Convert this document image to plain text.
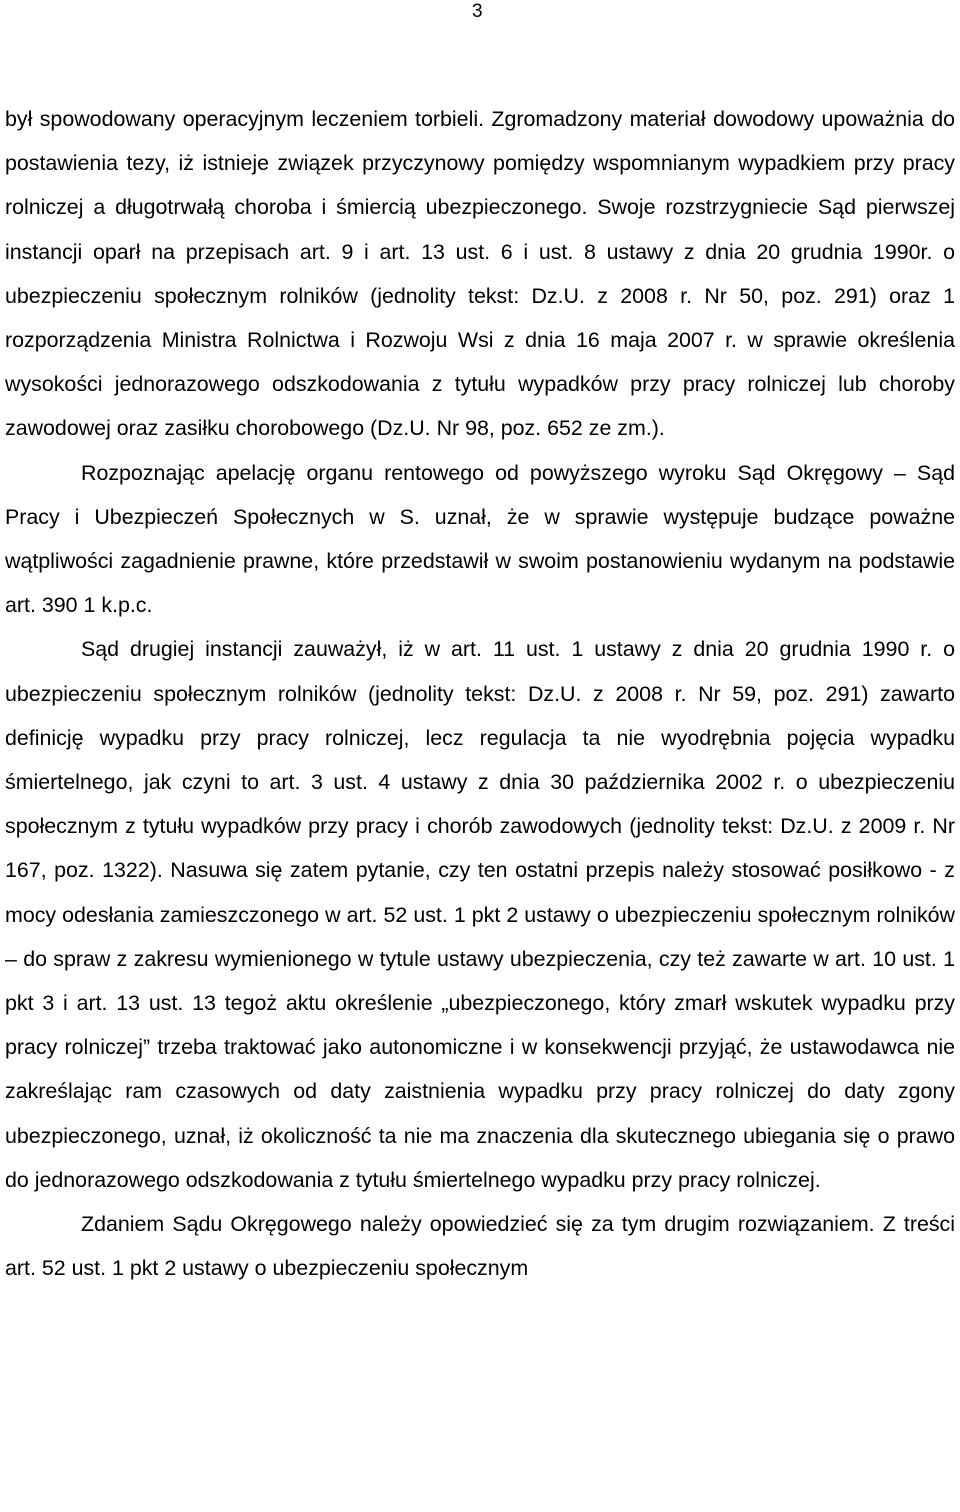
3

był spowodowany operacyjnym leczeniem torbieli. Zgromadzony materiał dowodowy upoważnia do postawienia tezy, iż istnieje związek przyczynowy pomiędzy wspomnianym wypadkiem przy pracy rolniczej a długotrwałą choroba i śmiercią ubezpieczonego. Swoje rozstrzygniecie Sąd pierwszej instancji oparł na przepisach art. 9 i art. 13 ust. 6 i ust. 8 ustawy z dnia 20 grudnia 1990r. o ubezpieczeniu społecznym rolników (jednolity tekst: Dz.U. z 2008 r. Nr 50, poz. 291) oraz 1 rozporządzenia Ministra Rolnictwa i Rozwoju Wsi z dnia 16 maja 2007 r. w sprawie określenia wysokości jednorazowego odszkodowania z tytułu wypadków przy pracy rolniczej lub choroby zawodowej oraz zasiłku chorobowego (Dz.U. Nr 98, poz. 652 ze zm.).

Rozpoznając apelację organu rentowego od powyższego wyroku Sąd Okręgowy – Sąd Pracy i Ubezpieczeń Społecznych w S. uznał, że w sprawie występuje budzące poważne wątpliwości zagadnienie prawne, które przedstawił w swoim postanowieniu wydanym na podstawie art. 390 1 k.p.c.

Sąd drugiej instancji zauważył, iż w art. 11 ust. 1 ustawy z dnia 20 grudnia 1990 r. o ubezpieczeniu społecznym rolników (jednolity tekst: Dz.U. z 2008 r. Nr 59, poz. 291) zawarto definicję wypadku przy pracy rolniczej, lecz regulacja ta nie wyodrębnia pojęcia wypadku śmiertelnego, jak czyni to art. 3 ust. 4 ustawy z dnia 30 października 2002 r. o ubezpieczeniu społecznym z tytułu wypadków przy pracy i chorób zawodowych (jednolity tekst: Dz.U. z 2009 r. Nr 167, poz. 1322). Nasuwa się zatem pytanie, czy ten ostatni przepis należy stosować posiłkowo - z mocy odesłania zamieszczonego w art. 52 ust. 1 pkt 2 ustawy o ubezpieczeniu społecznym rolników – do spraw z zakresu wymienionego w tytule ustawy ubezpieczenia, czy też zawarte w art. 10 ust. 1 pkt 3 i art. 13 ust. 13 tegoż aktu określenie „ubezpieczonego, który zmarł wskutek wypadku przy pracy rolniczej” trzeba traktować jako autonomiczne i w konsekwencji przyjąć, że ustawodawca nie zakreślając ram czasowych od daty zaistnienia wypadku przy pracy rolniczej do daty zgony ubezpieczonego, uznał, iż okoliczność ta nie ma znaczenia dla skutecznego ubiegania się o prawo do jednorazowego odszkodowania z tytułu śmiertelnego wypadku przy pracy rolniczej.

Zdaniem Sądu Okręgowego należy opowiedzieć się za tym drugim rozwiązaniem. Z treści art. 52 ust. 1 pkt 2 ustawy o ubezpieczeniu społecznym
